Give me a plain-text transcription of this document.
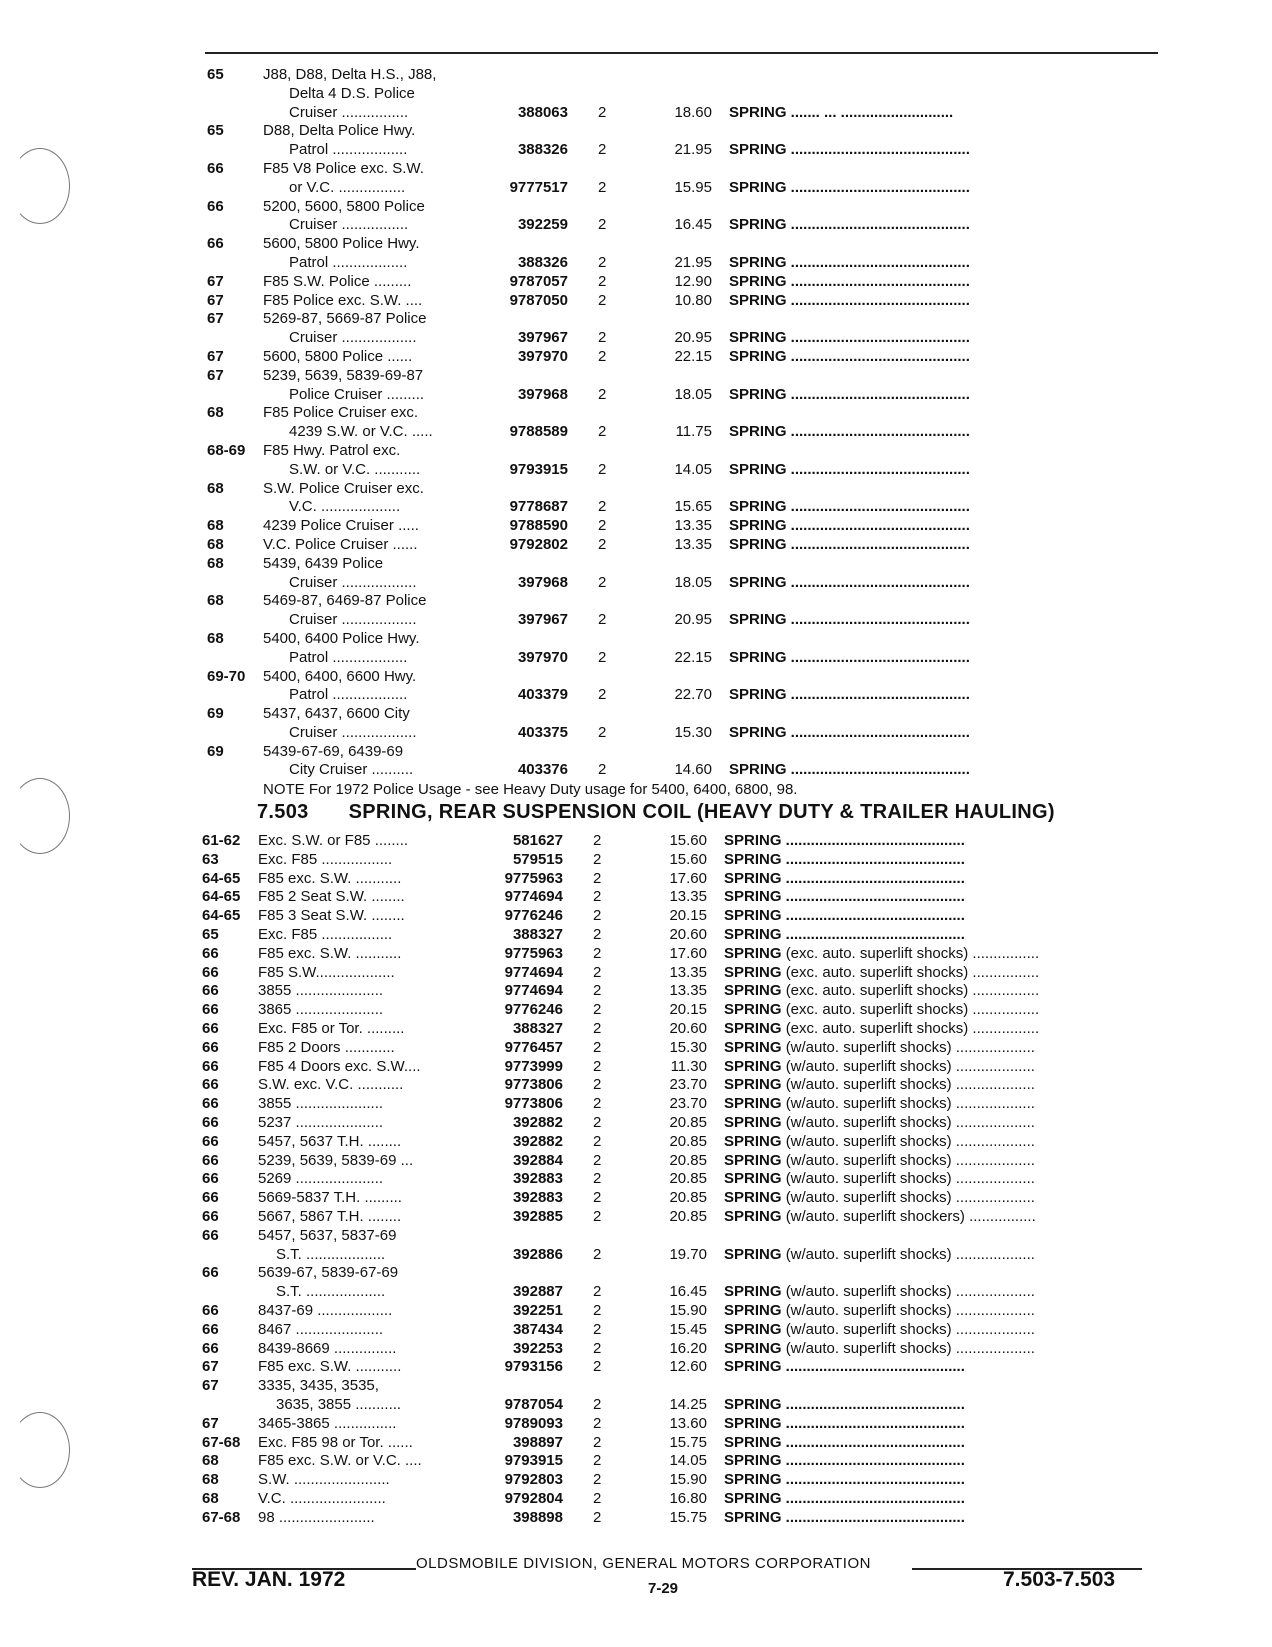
65	J88, D88, Delta H.S., J88,
Delta 4 D.S. Police
Cruiser ................	388063 2	18.60 SPRING ....... ... ...........................
65	D88, Delta Police Hwy.
Patrol ..................	388326 2	21.95 SPRING ...........................................
66	F85 V8 Police exc. S.W.
or V.C. ................	9777517 2	15.95 SPRING ...........................................
66	5200, 5600, 5800 Police
Cruiser ................	392259 2	16.45 SPRING ...........................................
66	5600, 5800 Police Hwy.
Patrol ..................	388326 2	21.95 SPRING ...........................................
67	F85 S.W. Police .........	9787057 2	12.90 SPRING ...........................................
67	F85 Police exc. S.W. ....	9787050 2	10.80 SPRING ...........................................
67	5269-87, 5669-87 Police
Cruiser ..................	397967 2	20.95 SPRING ...........................................
67	5600, 5800 Police ......	397970 2	22.15 SPRING ...........................................
67	5239, 5639, 5839-69-87
Police Cruiser .........	397968 2	18.05 SPRING ...........................................
68	F85 Police Cruiser exc.
4239 S.W. or V.C. .....	9788589 2	11.75 SPRING ...........................................
68-69 F85 Hwy. Patrol exc.
S.W. or V.C. ...........	9793915 2	14.05 SPRING ...........................................
68	S.W. Police Cruiser exc.
V.C. ...................	9778687 2	15.65 SPRING ...........................................
68	4239 Police Cruiser .....	9788590 2	13.35 SPRING ...........................................
68	V.C. Police Cruiser ......	9792802 2	13.35 SPRING ...........................................
68	5439, 6439 Police
Cruiser ..................	397968 2	18.05 SPRING ...........................................
68	5469-87, 6469-87 Police
Cruiser ..................	397967 2	20.95 SPRING ...........................................
68	5400, 6400 Police Hwy.
Patrol ..................	397970 2	22.15 SPRING ...........................................
69-70 5400, 6400, 6600 Hwy.
Patrol ..................	403379 2	22.70 SPRING ...........................................
69	5437, 6437, 6600 City
Cruiser ..................	403375 2	15.30 SPRING ...........................................
69	5439-67-69, 6439-69
City Cruiser ..........	403376 2	14.60 SPRING ...........................................
NOTE For 1972 Police Usage - see Heavy Duty usage for 5400, 6400, 6800, 98.
7.503 SPRING, REAR SUSPENSION COIL (HEAVY DUTY & TRAILER HAULING)
61-62 Exc. S.W. or F85 ........	581627 2	15.60 SPRING ...........................................
63	Exc. F85 .................	579515 2	15.60 SPRING ...........................................
64-65 F85 exc. S.W. ...........	9775963 2	17.60 SPRING ...........................................
64-65 F85 2 Seat S.W. ........	9774694 2	13.35 SPRING ...........................................
64-65 F85 3 Seat S.W. ........	9776246 2	20.15 SPRING ...........................................
65	Exc. F85 .................	388327 2	20.60 SPRING ...........................................
66	F85 exc. S.W. ...........	9775963 2	17.60 SPRING (exc. auto. superlift shocks) ................
66	F85 S.W...................	9774694 2	13.35 SPRING (exc. auto. superlift shocks) ................
66	3855 .....................	9774694 2	13.35 SPRING (exc. auto. superlift shocks) ................
66	3865 .....................	9776246 2	20.15 SPRING (exc. auto. superlift shocks) ................
66	Exc. F85 or Tor. .........	388327 2	20.60 SPRING (exc. auto. superlift shocks) ................
66	F85 2 Doors ............	9776457 2	15.30 SPRING (w/auto. superlift shocks) ...................
66	F85 4 Doors exc. S.W....	9773999 2	11.30 SPRING (w/auto. superlift shocks) ...................
66	S.W. exc. V.C. ...........	9773806 2	23.70 SPRING (w/auto. superlift shocks) ...................
66	3855 .....................	9773806 2	23.70 SPRING (w/auto. superlift shocks) ...................
66	5237 .....................	392882 2	20.85 SPRING (w/auto. superlift shocks) ...................
66	5457, 5637 T.H. ........	392882 2	20.85 SPRING (w/auto. superlift shocks) ...................
66	5239, 5639, 5839-69 ...	392884 2	20.85 SPRING (w/auto. superlift shocks) ...................
66	5269 .....................	392883 2	20.85 SPRING (w/auto. superlift shocks) ...................
66	5669-5837 T.H. .........	392883 2	20.85 SPRING (w/auto. superlift shocks) ...................
66	5667, 5867 T.H. ........	392885 2	20.85 SPRING (w/auto. superlift shockers) ................
66	5457, 5637, 5837-69
S.T. ...................	392886 2	19.70 SPRING (w/auto. superlift shocks) ...................
66	5639-67, 5839-67-69
S.T. ...................	392887 2	16.45 SPRING (w/auto. superlift shocks) ...................
66	8437-69 ..................	392251 2	15.90 SPRING (w/auto. superlift shocks) ...................
66	8467 .....................	387434 2	15.45 SPRING (w/auto. superlift shocks) ...................
66	8439-8669 ...............	392253 2	16.20 SPRING (w/auto. superlift shocks) ...................
67	F85 exc. S.W. ...........	9793156 2	12.60 SPRING ...........................................
67	3335, 3435, 3535,
3635, 3855 ...........	9787054 2	14.25 SPRING ...........................................
67	3465-3865 ...............	9789093 2	13.60 SPRING ...........................................
67-68 Exc. F85 98 or Tor. ......	398897 2	15.75 SPRING ...........................................
68	F85 exc. S.W. or V.C. ....	9793915 2	14.05 SPRING ...........................................
68	S.W. .......................	9792803 2	15.90 SPRING ...........................................
68	V.C. .......................	9792804 2	16.80 SPRING ...........................................
67-68 98 .......................	398898 2	15.75 SPRING ...........................................
OLDSMOBILE DIVISION, GENERAL MOTORS CORPORATION
REV. JAN. 1972	7-29	7.503-7.503
